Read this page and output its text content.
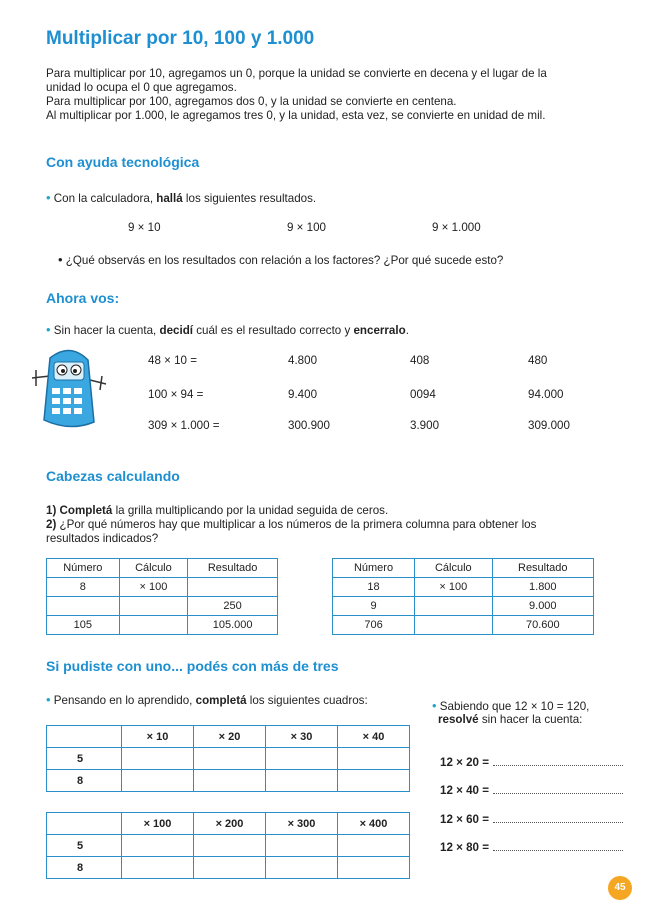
Multiplicar por 10, 100 y 1.000
Para multiplicar por 10, agregamos un 0, porque la unidad se convierte en decena y el lugar de la
unidad lo ocupa el 0 que agregamos.
Para multiplicar por 100, agregamos dos 0, y la unidad se convierte en centena.
Al multiplicar por 1.000, le agregamos tres 0, y la unidad, esta vez, se convierte en unidad de mil.
Con ayuda tecnológica
• Con la calculadora, hallá los siguientes resultados.
9 × 10	9 × 100	9 × 1.000
• ¿Qué observás en los resultados con relación a los factores? ¿Por qué sucede esto?
Ahora vos:
• Sin hacer la cuenta, decidí cuál es el resultado correcto y encerralo.
48 × 10 =	4.800	408	480
100 × 94 =	9.400	0094	94.000
309 × 1.000 =	300.900	3.900	309.000
Cabezas calculando
1) Completá la grilla multiplicando por la unidad seguida de ceros.
2) ¿Por qué números hay que multiplicar a los números de la primera columna para obtener los
resultados indicados?
Número	Cálculo	Resultado
8	× 100	
		250
105		105.000
Número	Cálculo	Resultado
18	× 100	1.800
9		9.000
706		70.600
Si pudiste con uno... podés con más de tres
• Pensando en lo aprendido, completá los siguientes cuadros:
	× 10	× 20	× 30	× 40
5				
8				
	× 100	× 200	× 300	× 400
5				
8				
• Sabiendo que 12 × 10 = 120,
resolvé sin hacer la cuenta:
12 × 20 =
12 × 40 =
12 × 60 =
12 × 80 =
45
